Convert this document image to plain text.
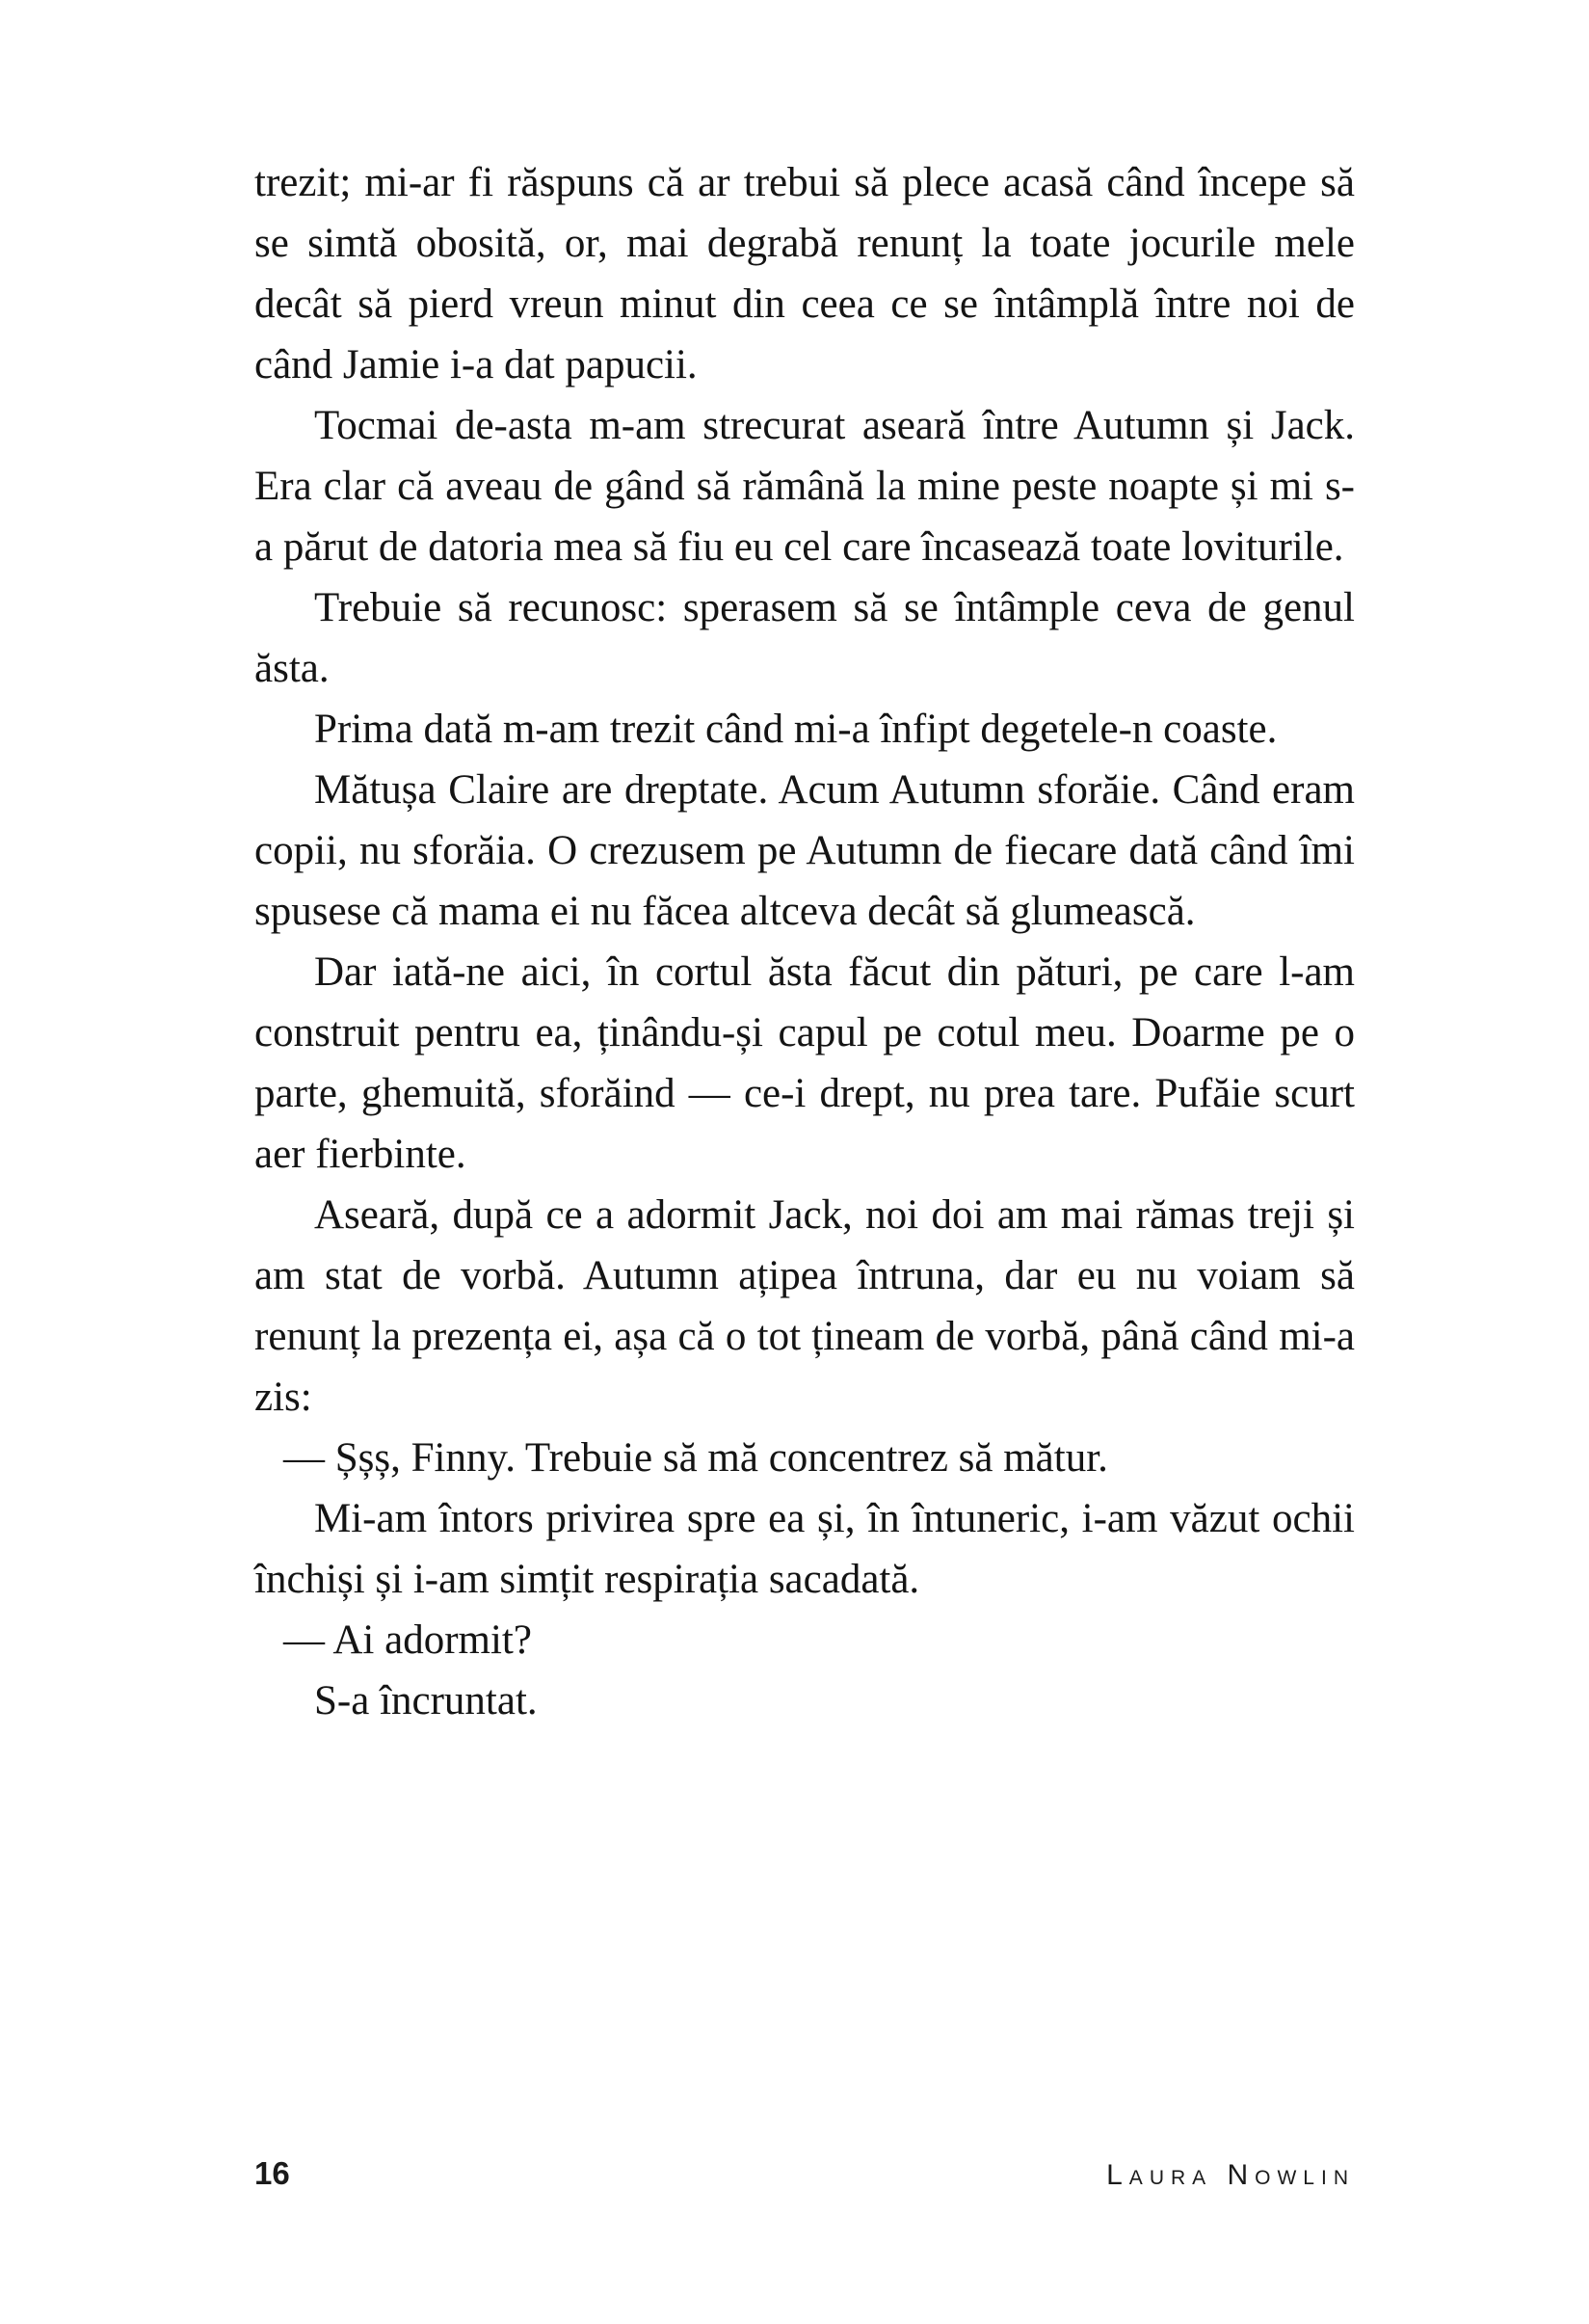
trezit; mi-ar fi răspuns că ar trebui să plece acasă când începe să se simtă obosită, or, mai degrabă renunț la toate jocurile mele decât să pierd vreun minut din ceea ce se întâmplă între noi de când Jamie i-a dat papucii.

Tocmai de-asta m-am strecurat aseară între Autumn și Jack. Era clar că aveau de gând să rămână la mine peste noapte și mi s-a părut de datoria mea să fiu eu cel care încasează toate loviturile.

Trebuie să recunosc: sperasem să se întâmple ceva de genul ăsta.

Prima dată m-am trezit când mi-a înfipt degetele-n coaste.

Mătușa Claire are dreptate. Acum Autumn sforăie. Când eram copii, nu sforăia. O crezusem pe Autumn de fiecare dată când îmi spusese că mama ei nu făcea altceva decât să glumească.

Dar iată-ne aici, în cortul ăsta făcut din pături, pe care l-am construit pentru ea, ținându-și capul pe cotul meu. Doarme pe o parte, ghemuită, sforăind — ce-i drept, nu prea tare. Pufăie scurt aer fierbinte.

Aseară, după ce a adormit Jack, noi doi am mai rămas treji și am stat de vorbă. Autumn ațipea întruna, dar eu nu voiam să renunț la prezența ei, așa că o tot țineam de vorbă, până când mi-a zis:

— Șșș, Finny. Trebuie să mă concentrez să mătur.

Mi-am întors privirea spre ea și, în întuneric, i-am văzut ochii închiși și i-am simțit respirația sacadată.

— Ai adormit?

S-a încruntat.

16	Laura Nowlin
